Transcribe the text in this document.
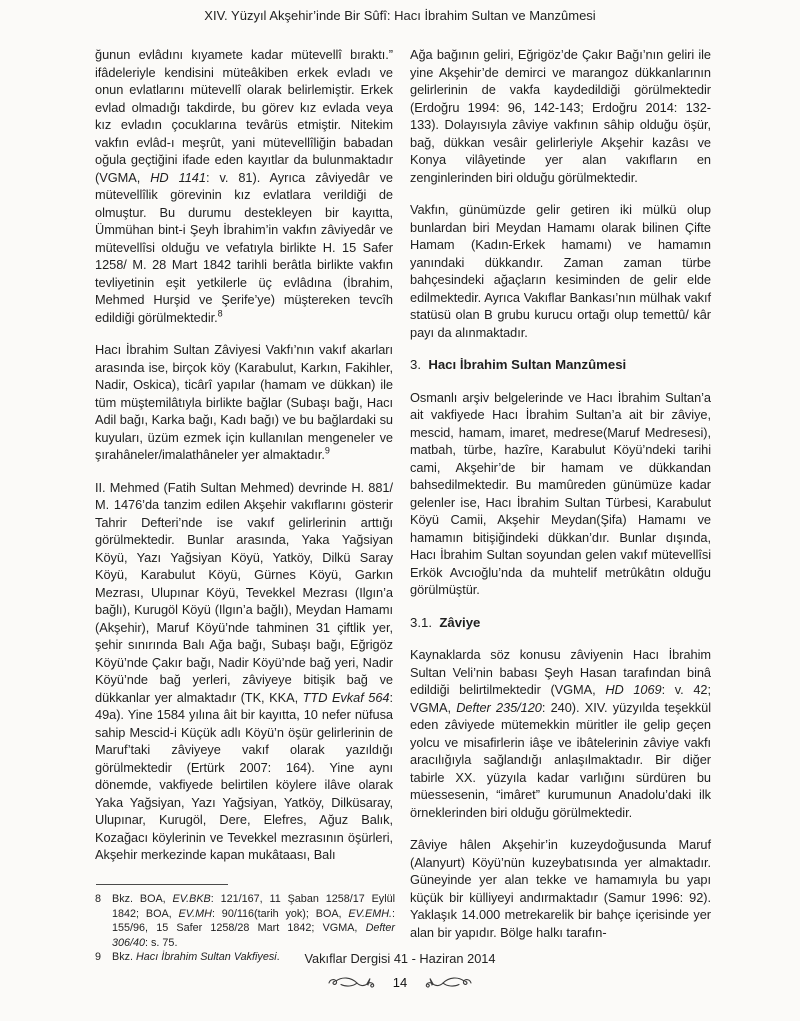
XIV. Yüzyıl Akşehir’inde Bir Sûfî: Hacı İbrahim Sultan ve Manzûmesi

ğunun evlâdını kıyamete kadar mütevellî bıraktı.” ifâdeleriyle kendisini müteâkiben erkek evladı ve onun evlatlarını mütevellî olarak belirlemiştir. Erkek evlad olmadığı takdirde, bu görev kız evlada veya kız evladın çocuklarına tevârüs etmiştir. Nitekim vakfın evlâd-ı meşrût, yani mütevellîliğin babadan oğula geçtiğini ifade eden kayıtlar da bulunmaktadır (VGMA, HD 1141: v. 81). Ayrıca zâviyedâr ve mütevellîlik görevinin kız evlatlara verildiği de olmuştur. Bu durumu destekleyen bir kayıtta, Ümmühan bint-i Şeyh İbrahim’in vakfın zâviyedâr ve mütevellîsi olduğu ve vefatıyla birlikte H. 15 Safer 1258/ M. 28 Mart 1842 tarihli berâtla birlikte vakfın tevliyetinin eşit yetkilerle üç evlâdına (İbrahim, Mehmed Hurşid ve Şerife’ye) müştereken tevcîh edildiği görülmektedir.$^8$

Hacı İbrahim Sultan Zâviyesi Vakfı’nın vakıf akarları arasında ise, birçok köy (Karabulut, Karkın, Fakihler, Nadir, Oskica), ticârî yapılar (hamam ve dükkan) ile tüm müştemilâtıyla birlikte bağlar (Subaşı bağı, Hacı Adil bağı, Karka bağı, Kadı bağı) ve bu bağlardaki su kuyuları, üzüm ezmek için kullanılan mengeneler ve şırahâneler/imalathâneler yer almaktadır.$^9$

II. Mehmed (Fatih Sultan Mehmed) devrinde H. 881/ M. 1476’da tanzim edilen Akşehir vakıflarını gösterir Tahrir Defteri’nde ise vakıf gelirlerinin arttığı görülmektedir. Bunlar arasında, Yaka Yağsiyan Köyü, Yazı Yağsiyan Köyü, Yatköy, Dilkü Saray Köyü, Karabulut Köyü, Gürnes Köyü, Garkın Mezrası, Ulupınar Köyü, Tevekkel Mezrası (Ilgın’a bağlı), Kurugöl Köyü (Ilgın’a bağlı), Meydan Hamamı (Akşehir), Maruf Köyü’nde tahminen 31 çiftlik yer, şehir sınırında Balı Ağa bağı, Subaşı bağı, Eğrigöz Köyü’nde Çakır bağı, Nadir Köyü’nde bağ yeri, Nadir Köyü’nde bağ yerleri, zâviyeye bitişik bağ ve dükkanlar yer almaktadır (TK, KKA, TTD Evkaf 564: 49a). Yine 1584 yılına âit bir kayıtta, 10 nefer nüfusa sahip Mescid-i Küçük adlı Köyü’n öşür gelirlerinin de Maruf’taki zâviyeye vakıf olarak yazıldığı görülmektedir (Ertürk 2007: 164). Yine aynı dönemde, vakfiyede belirtilen köylere ilâve olarak Yaka Yağsiyan, Yazı Yağsiyan, Yatköy, Dilküsaray, Ulupınar, Kurugöl, Dere, Elefres, Ağuz Balık, Kozağacı köylerinin ve Tevekkel mezrasının öşürleri, Akşehir merkezinde kapan mukâtaası, Balı

Ağa bağının geliri, Eğrigöz’de Çakır Bağı’nın geliri ile yine Akşehir’de demirci ve marangoz dükkanlarının gelirlerinin de vakfa kaydedildiği görülmektedir (Erdoğru 1994: 96, 142-143; Erdoğru 2014: 132-133). Dolayısıyla zâviye vakfının sâhip olduğu öşür, bağ, dükkan vesâir gelirleriyle Akşehir kazâsı ve Konya vilâyetinde yer alan vakıfların en zenginlerinden biri olduğu görülmektedir.

Vakfın, günümüzde gelir getiren iki mülkü olup bunlardan biri Meydan Hamamı olarak bilinen Çifte Hamam (Kadın-Erkek hamamı) ve hamamın yanındaki dükkandır. Zaman zaman türbe bahçesindeki ağaçların kesiminden de gelir elde edilmektedir. Ayrıca Vakıflar Bankası’nın mülhak vakıf statüsü olan B grubu kurucu ortağı olup temettû/ kâr payı da alınmaktadır.

3.  Hacı İbrahim Sultan Manzûmesi

Osmanlı arşiv belgelerinde ve Hacı İbrahim Sultan’a ait vakfiyede Hacı İbrahim Sultan’a ait bir zâviye, mescid, hamam, imaret, medrese(Maruf Medresesi), matbah, türbe, hazîre, Karabulut Köyü’ndeki tarihi cami, Akşehir’de bir hamam ve dükkandan bahsedilmektedir. Bu mamûreden günümüze kadar gelenler ise, Hacı İbrahim Sultan Türbesi, Karabulut Köyü Camii, Akşehir Meydan(Şifa) Hamamı ve hamamın bitişiğindeki dükkan’dır. Bunlar dışında, Hacı İbrahim Sultan soyundan gelen vakıf mütevellîsi Erkök Avcıoğlu’nda da muhtelif metrûkâtın olduğu görülmüştür.

3.1.  Zâviye

Kaynaklarda söz konusu zâviyenin Hacı İbrahim Sultan Veli’nin babası Şeyh Hasan tarafından binâ edildiği belirtilmektedir (VGMA, HD 1069: v. 42; VGMA, Defter 235/120: 240). XIV. yüzyılda teşekkül eden zâviyede mütemekkin müritler ile gelip geçen yolcu ve misafirlerin iâşe ve ibâtelerinin zâviye vakfı aracılığıyla sağlandığı anlaşılmaktadır. Bir diğer tabirle XX. yüzyıla kadar varlığını sürdüren bu müessesenin, “imâret” kurumunun Anadolu’daki ilk örneklerinden biri olduğu görülmektedir.

Zâviye hâlen Akşehir’in kuzeydoğusunda Maruf (Alanyurt) Köyü’nün kuzeybatısında yer almaktadır. Güneyinde yer alan tekke ve hamamıyla bu yapı küçük bir külliyeyi andırmaktadır (Samur 1996: 92). Yaklaşık 14.000 metrekarelik bir bahçe içerisinde yer alan bir yapıdır. Bölge halkı tarafın-

8	Bkz. BOA, EV.BKB: 121/167, 11 Şaban 1258/17 Eylül 1842; BOA, EV.MH: 90/116(tarih yok); BOA, EV.EMH.: 155/96, 15 Safer 1258/28 Mart 1842; VGMA, Defter 306/40: s. 75.
9	Bkz. Hacı İbrahim Sultan Vakfiyesi.	Vakıflar Dergisi 41 - Haziran 2014
14
